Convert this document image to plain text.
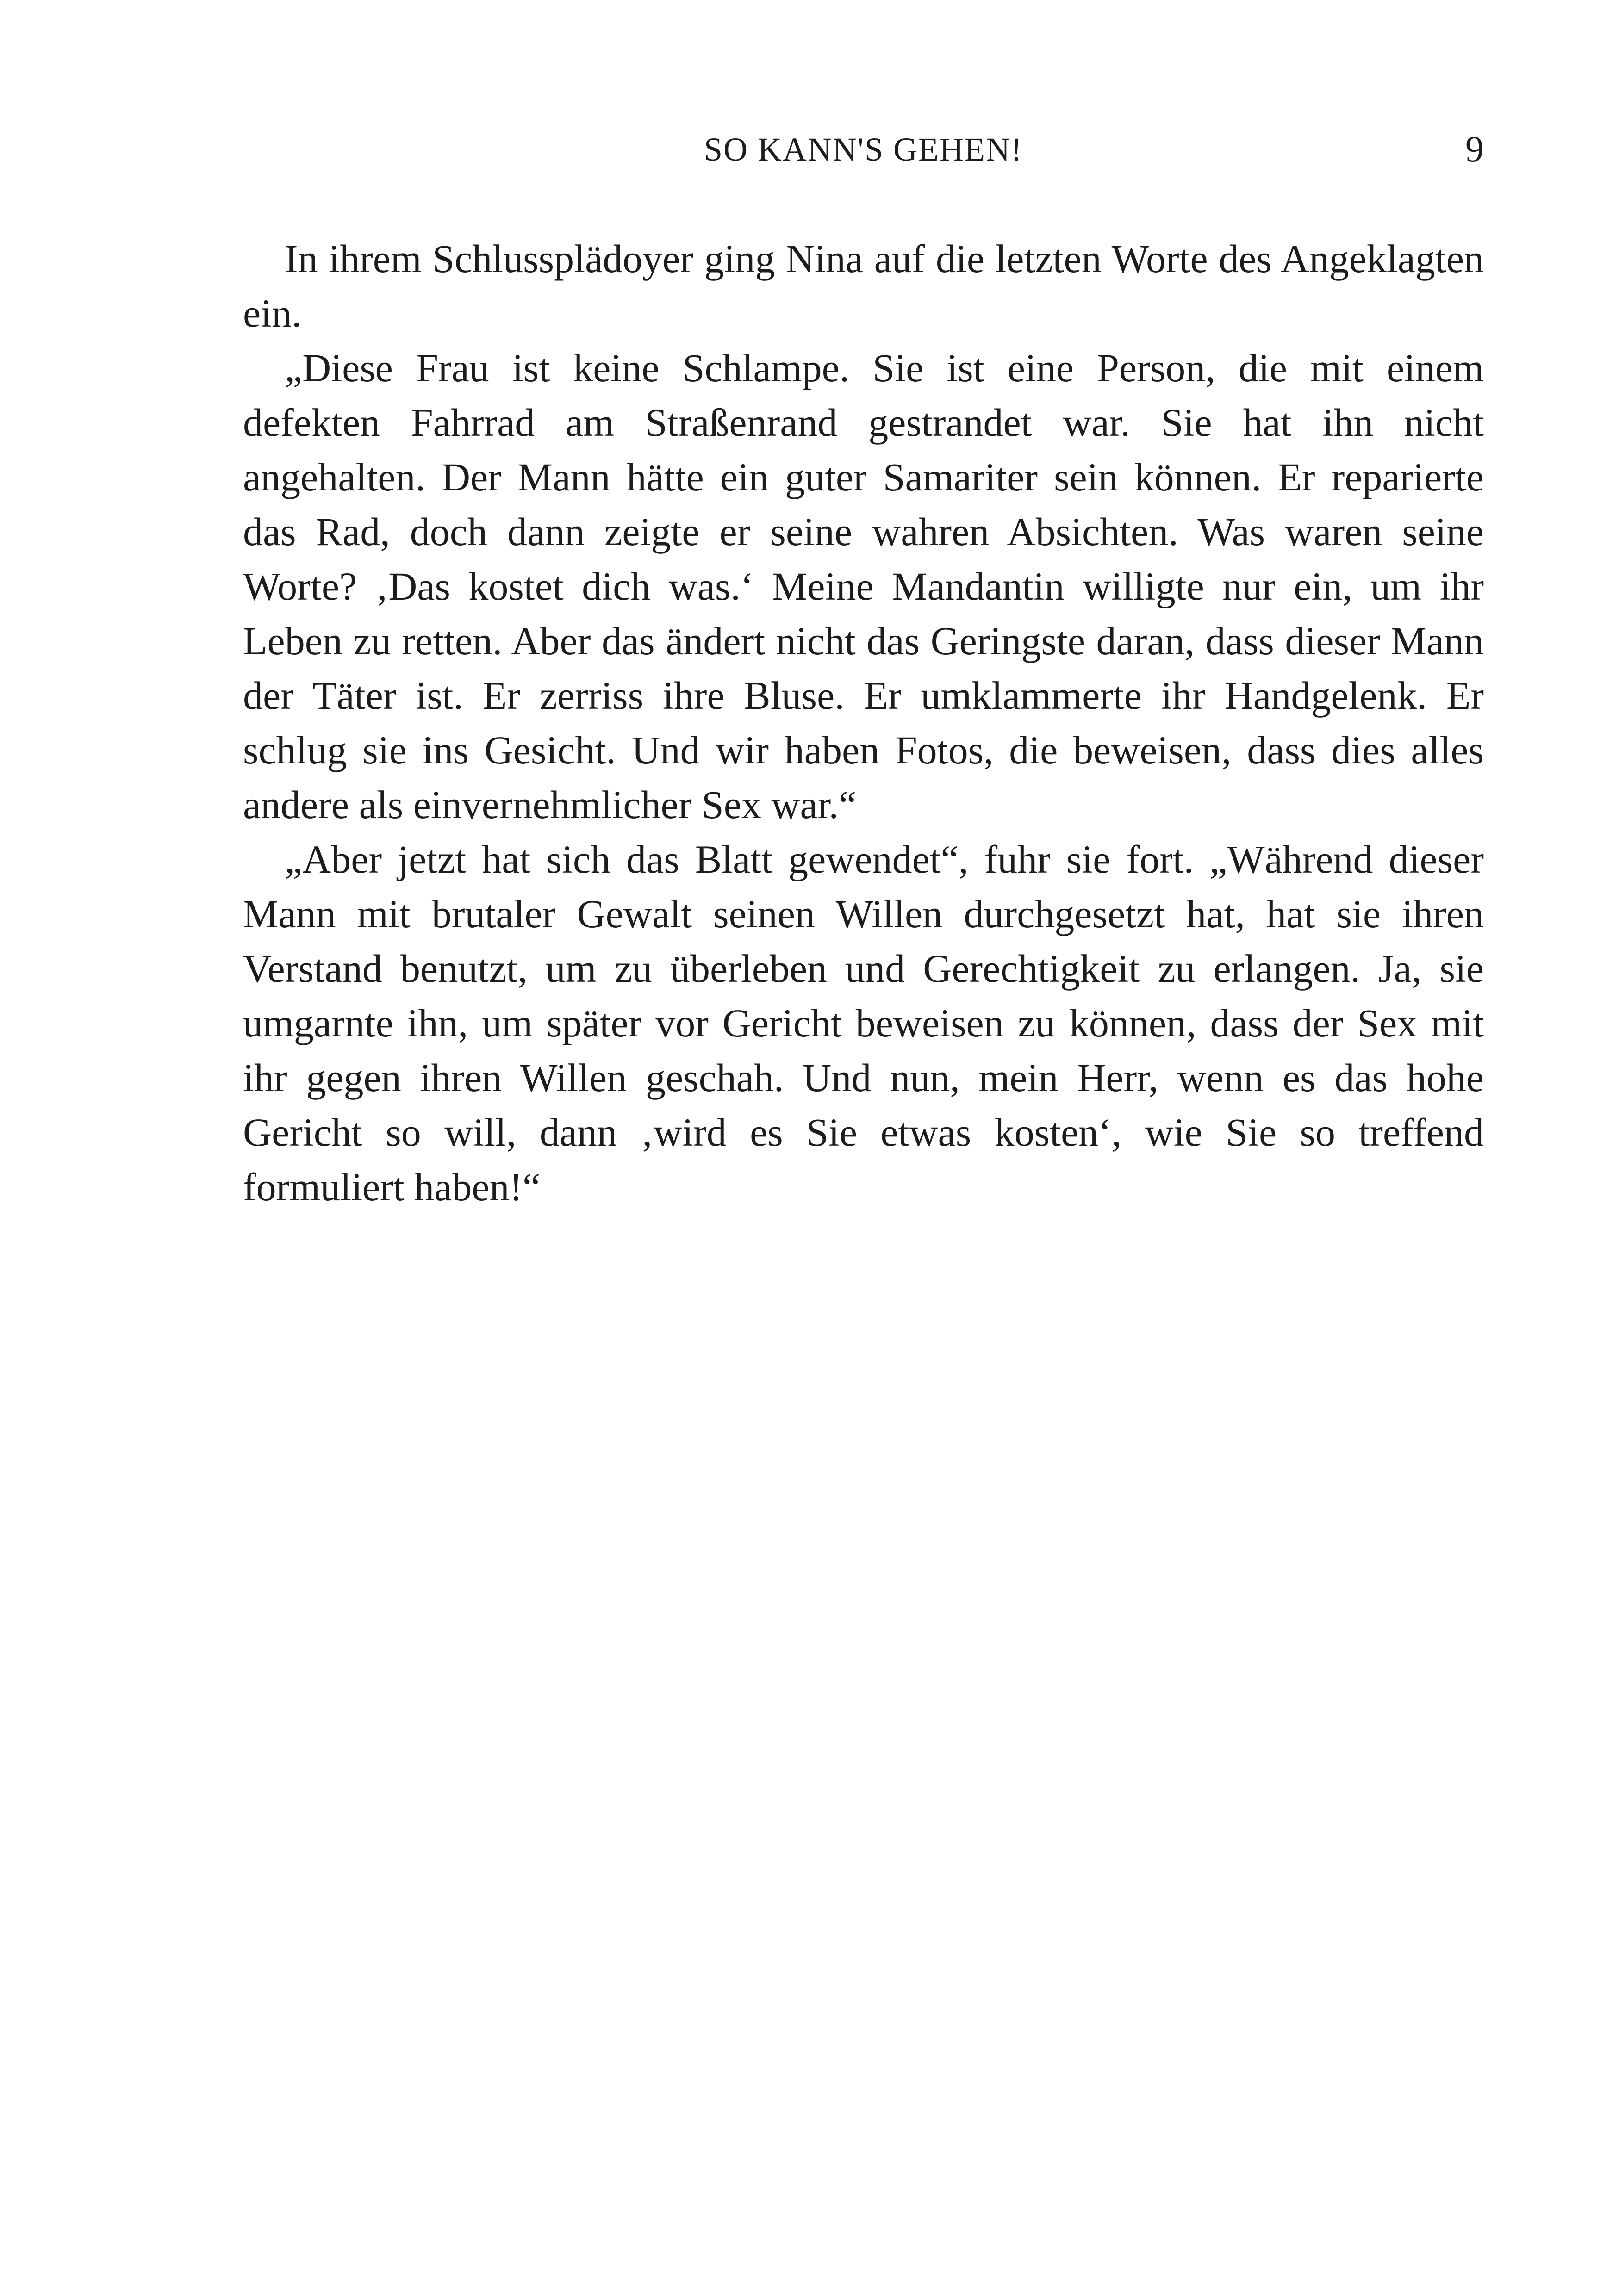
SO KANN'S GEHEN!	9

In ihrem Schlussplädoyer ging Nina auf die letzten Worte des Angeklagten ein.

„Diese Frau ist keine Schlampe. Sie ist eine Person, die mit einem defekten Fahrrad am Straßenrand gestrandet war. Sie hat ihn nicht angehalten. Der Mann hätte ein guter Samariter sein können. Er reparierte das Rad, doch dann zeigte er seine wahren Absichten. Was waren seine Worte? ‚Das kostet dich was.‘ Meine Mandantin willigte nur ein, um ihr Leben zu retten. Aber das ändert nicht das Geringste daran, dass dieser Mann der Täter ist. Er zerriss ihre Bluse. Er umklammerte ihr Handgelenk. Er schlug sie ins Gesicht. Und wir haben Fotos, die beweisen, dass dies alles andere als einvernehmlicher Sex war.“

„Aber jetzt hat sich das Blatt gewendet“, fuhr sie fort. „Während dieser Mann mit brutaler Gewalt seinen Willen durchgesetzt hat, hat sie ihren Verstand benutzt, um zu überleben und Gerechtigkeit zu erlangen. Ja, sie umgarnte ihn, um später vor Gericht beweisen zu können, dass der Sex mit ihr gegen ihren Willen geschah. Und nun, mein Herr, wenn es das hohe Gericht so will, dann ‚wird es Sie etwas kosten‘, wie Sie so treffend formuliert haben!“
